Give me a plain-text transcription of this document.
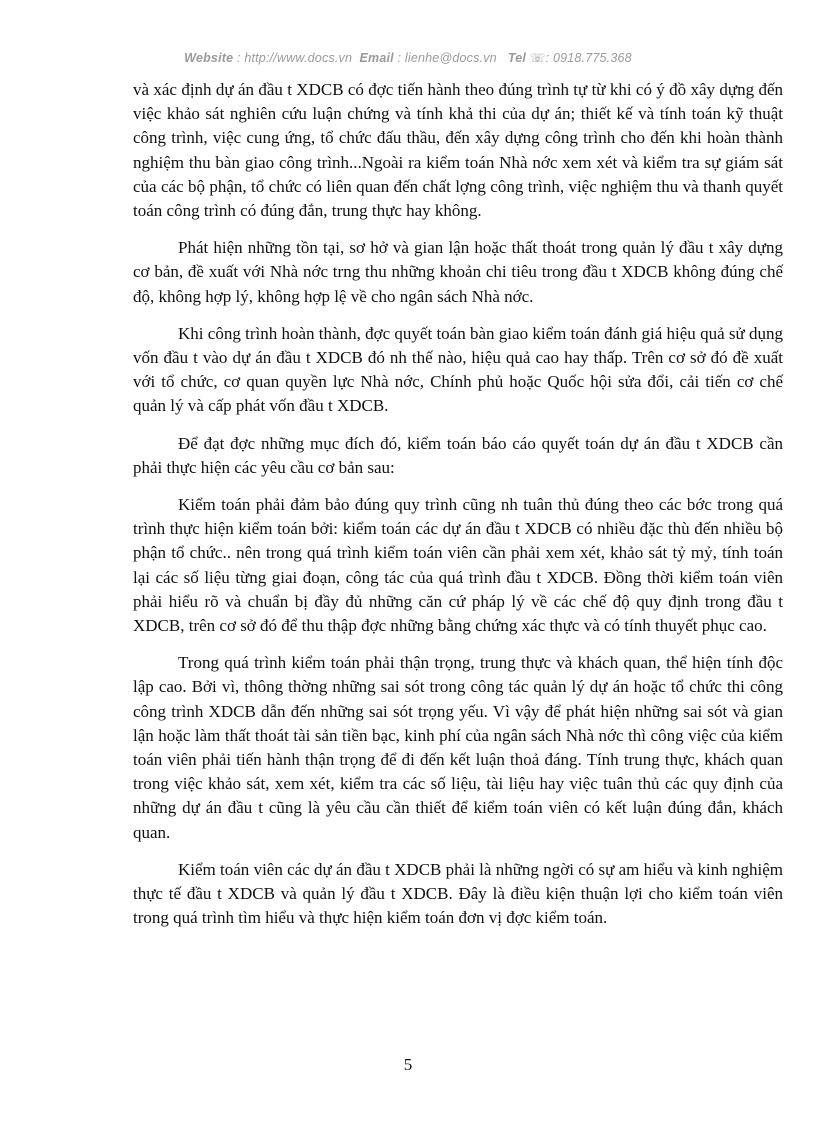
Website : http://www.docs.vn Email : lienhe@docs.vn Tel ☏: 0918.775.368

và xác định dự án đầu t XDCB có đợc tiến hành theo đúng trình tự từ khi có ý đồ xây dựng đến việc khảo sát nghiên cứu luận chứng và tính khả thi của dự án; thiết kế và tính toán kỹ thuật công trình, việc cung ứng, tổ chức đấu thầu, đến xây dựng công trình cho đến khi hoàn thành nghiệm thu bàn giao công trình...Ngoài ra kiểm toán Nhà nớc xem xét và kiểm tra sự giám sát của các bộ phận, tổ chức có liên quan đến chất lợng công trình, việc nghiệm thu và thanh quyết toán công trình có đúng đắn, trung thực hay không.

Phát hiện những tồn tại, sơ hở và gian lận hoặc thất thoát trong quản lý đầu t xây dựng cơ bản, đề xuất với Nhà nớc trng thu những khoản chi tiêu trong đầu t XDCB không đúng chế độ, không hợp lý, không hợp lệ về cho ngân sách Nhà nớc.

Khi công trình hoàn thành, đợc quyết toán bàn giao kiểm toán đánh giá hiệu quả sử dụng vốn đầu t vào dự án đầu t XDCB đó nh thế nào, hiệu quả cao hay thấp. Trên cơ sở đó đề xuất với tổ chức, cơ quan quyền lực Nhà nớc, Chính phủ hoặc Quốc hội sửa đổi, cải tiến cơ chế quản lý và cấp phát vốn đầu t XDCB.

Để đạt đợc những mục đích đó, kiểm toán báo cáo quyết toán dự án đầu t XDCB cần phải thực hiện các yêu cầu cơ bản sau:

Kiểm toán phải đảm bảo đúng quy trình cũng nh tuân thủ đúng theo các bớc trong quá trình thực hiện kiểm toán bởi: kiểm toán các dự án đầu t XDCB có nhiều đặc thù đến nhiều bộ phận tổ chức.. nên trong quá trình kiểm toán viên cần phải xem xét, khảo sát tỷ mỷ, tính toán lại các số liệu từng giai đoạn, công tác của quá trình đầu t XDCB. Đồng thời kiểm toán viên phải hiểu rõ và chuẩn bị đầy đủ những căn cứ pháp lý về các chế độ quy định trong đầu t XDCB, trên cơ sở đó để thu thập đợc những bằng chứng xác thực và có tính thuyết phục cao.

Trong quá trình kiểm toán phải thận trọng, trung thực và khách quan, thể hiện tính độc lập cao. Bởi vì, thông thờng những sai sót trong công tác quản lý dự án hoặc tổ chức thi công công trình XDCB dẫn đến những sai sót trọng yếu. Vì vậy để phát hiện những sai sót và gian lận hoặc làm thất thoát tài sản tiền bạc, kinh phí của ngân sách Nhà nớc thì công việc của kiểm toán viên phải tiến hành thận trọng để đi đến kết luận thoả đáng. Tính trung thực, khách quan trong việc khảo sát, xem xét, kiểm tra các số liệu, tài liệu hay việc tuân thủ các quy định của những dự án đầu t cũng là yêu cầu cần thiết để kiểm toán viên có kết luận đúng đắn, khách quan.

Kiểm toán viên các dự án đầu t XDCB phải là những ngời có sự am hiểu và kinh nghiệm thực tế đầu t XDCB và quản lý đầu t XDCB. Đây là điều kiện thuận lợi cho kiểm toán viên trong quá trình tìm hiểu và thực hiện kiểm toán đơn vị đợc kiểm toán.

5
